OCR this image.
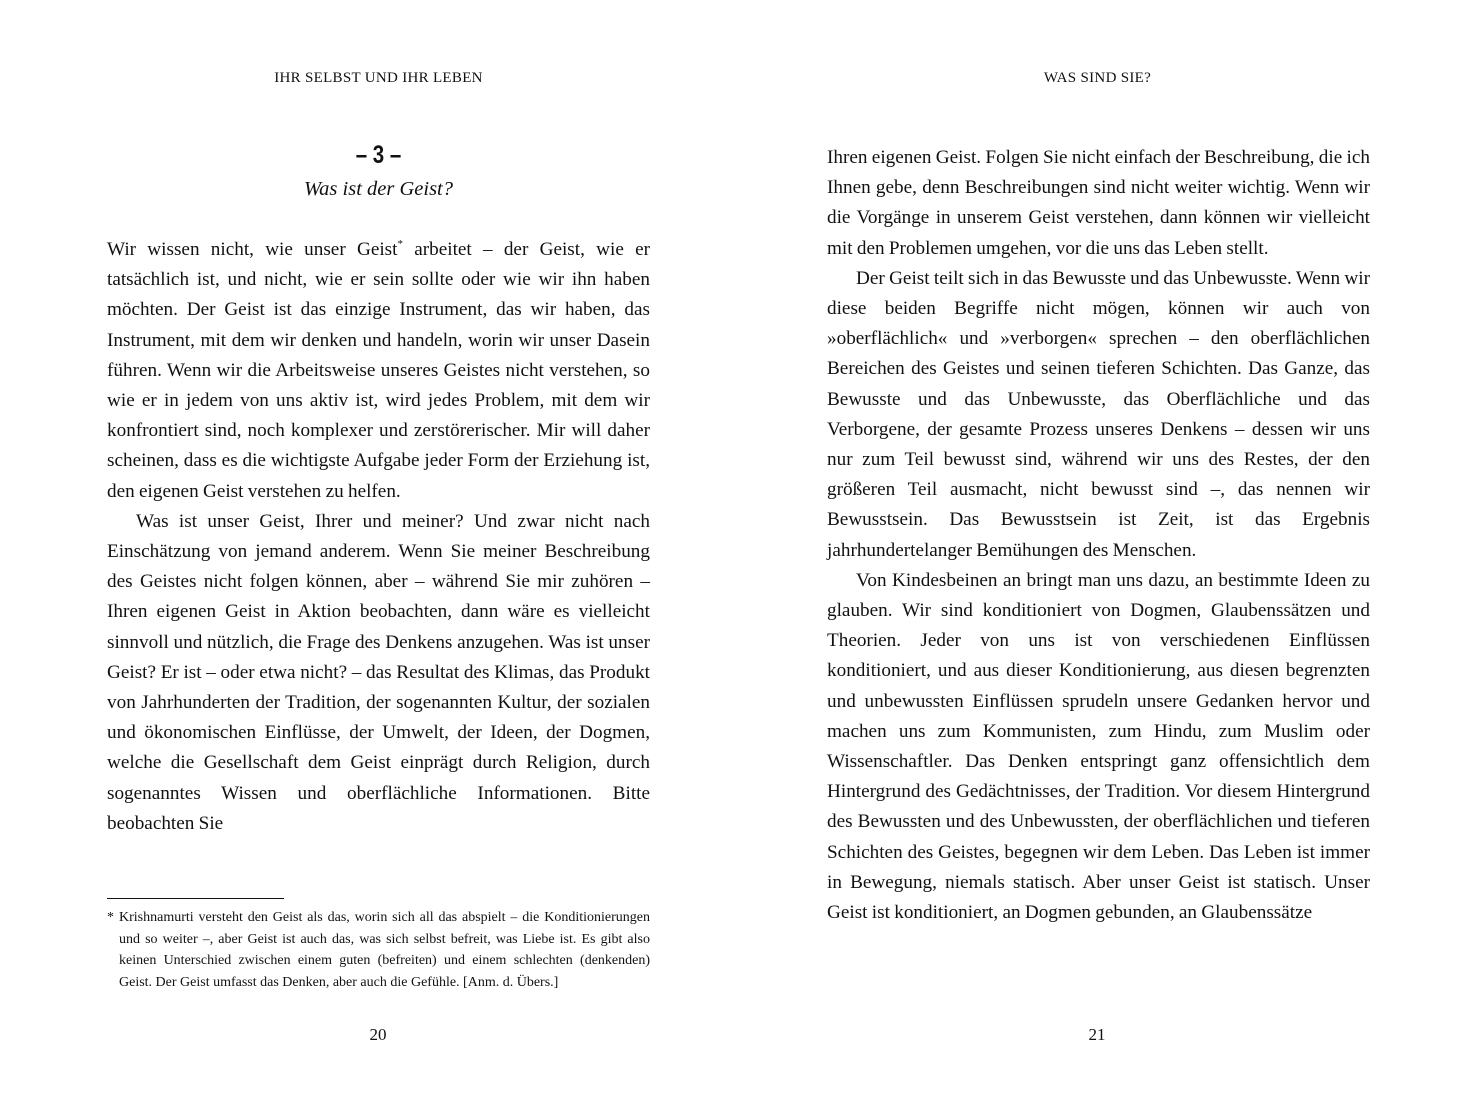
IHR SELBST UND IHR LEBEN
– 3 –
Was ist der Geist?

Wir wissen nicht, wie unser Geist* arbeitet – der Geist, wie er tatsächlich ist, und nicht, wie er sein sollte oder wie wir ihn haben möchten. Der Geist ist das einzige Instrument, das wir haben, das Instrument, mit dem wir denken und handeln, worin wir unser Dasein führen. Wenn wir die Arbeitsweise unseres Geistes nicht verstehen, so wie er in jedem von uns aktiv ist, wird jedes Problem, mit dem wir konfrontiert sind, noch komplexer und zerstörerischer. Mir will daher scheinen, dass es die wichtigste Aufgabe jeder Form der Erziehung ist, den eigenen Geist verstehen zu helfen.

Was ist unser Geist, Ihrer und meiner? Und zwar nicht nach Einschätzung von jemand anderem. Wenn Sie meiner Beschreibung des Geistes nicht folgen können, aber – während Sie mir zuhören – Ihren eigenen Geist in Aktion beobachten, dann wäre es vielleicht sinnvoll und nützlich, die Frage des Denkens anzugehen. Was ist unser Geist? Er ist – oder etwa nicht? – das Resultat des Klimas, das Produkt von Jahrhunderten der Tradition, der sogenannten Kultur, der sozialen und ökonomischen Einflüsse, der Umwelt, der Ideen, der Dogmen, welche die Gesellschaft dem Geist einprägt durch Religion, durch sogenanntes Wissen und oberflächliche Informationen. Bitte beobachten Sie

* Krishnamurti versteht den Geist als das, worin sich all das abspielt – die Konditionierungen und so weiter –, aber Geist ist auch das, was sich selbst befreit, was Liebe ist. Es gibt also keinen Unterschied zwischen einem guten (befreiten) und einem schlechten (denkenden) Geist. Der Geist umfasst das Denken, aber auch die Gefühle. [Anm. d. Übers.]
20
WAS SIND SIE?

Ihren eigenen Geist. Folgen Sie nicht einfach der Beschreibung, die ich Ihnen gebe, denn Beschreibungen sind nicht weiter wichtig. Wenn wir die Vorgänge in unserem Geist verstehen, dann können wir vielleicht mit den Problemen umgehen, vor die uns das Leben stellt.

Der Geist teilt sich in das Bewusste und das Unbewusste. Wenn wir diese beiden Begriffe nicht mögen, können wir auch von »oberflächlich« und »verborgen« sprechen – den oberflächlichen Bereichen des Geistes und seinen tieferen Schichten. Das Ganze, das Bewusste und das Unbewusste, das Oberflächliche und das Verborgene, der gesamte Prozess unseres Denkens – dessen wir uns nur zum Teil bewusst sind, während wir uns des Restes, der den größeren Teil ausmacht, nicht bewusst sind –, das nennen wir Bewusstsein. Das Bewusstsein ist Zeit, ist das Ergebnis jahrhundertelanger Bemühungen des Menschen.

Von Kindesbeinen an bringt man uns dazu, an bestimmte Ideen zu glauben. Wir sind konditioniert von Dogmen, Glaubenssätzen und Theorien. Jeder von uns ist von verschiedenen Einflüssen konditioniert, und aus dieser Konditionierung, aus diesen begrenzten und unbewussten Einflüssen sprudeln unsere Gedanken hervor und machen uns zum Kommunisten, zum Hindu, zum Muslim oder Wissenschaftler. Das Denken entspringt ganz offensichtlich dem Hintergrund des Gedächtnisses, der Tradition. Vor diesem Hintergrund des Bewussten und des Unbewussten, der oberflächlichen und tieferen Schichten des Geistes, begegnen wir dem Leben. Das Leben ist immer in Bewegung, niemals statisch. Aber unser Geist ist statisch. Unser Geist ist konditioniert, an Dogmen gebunden, an Glaubenssätze

21
